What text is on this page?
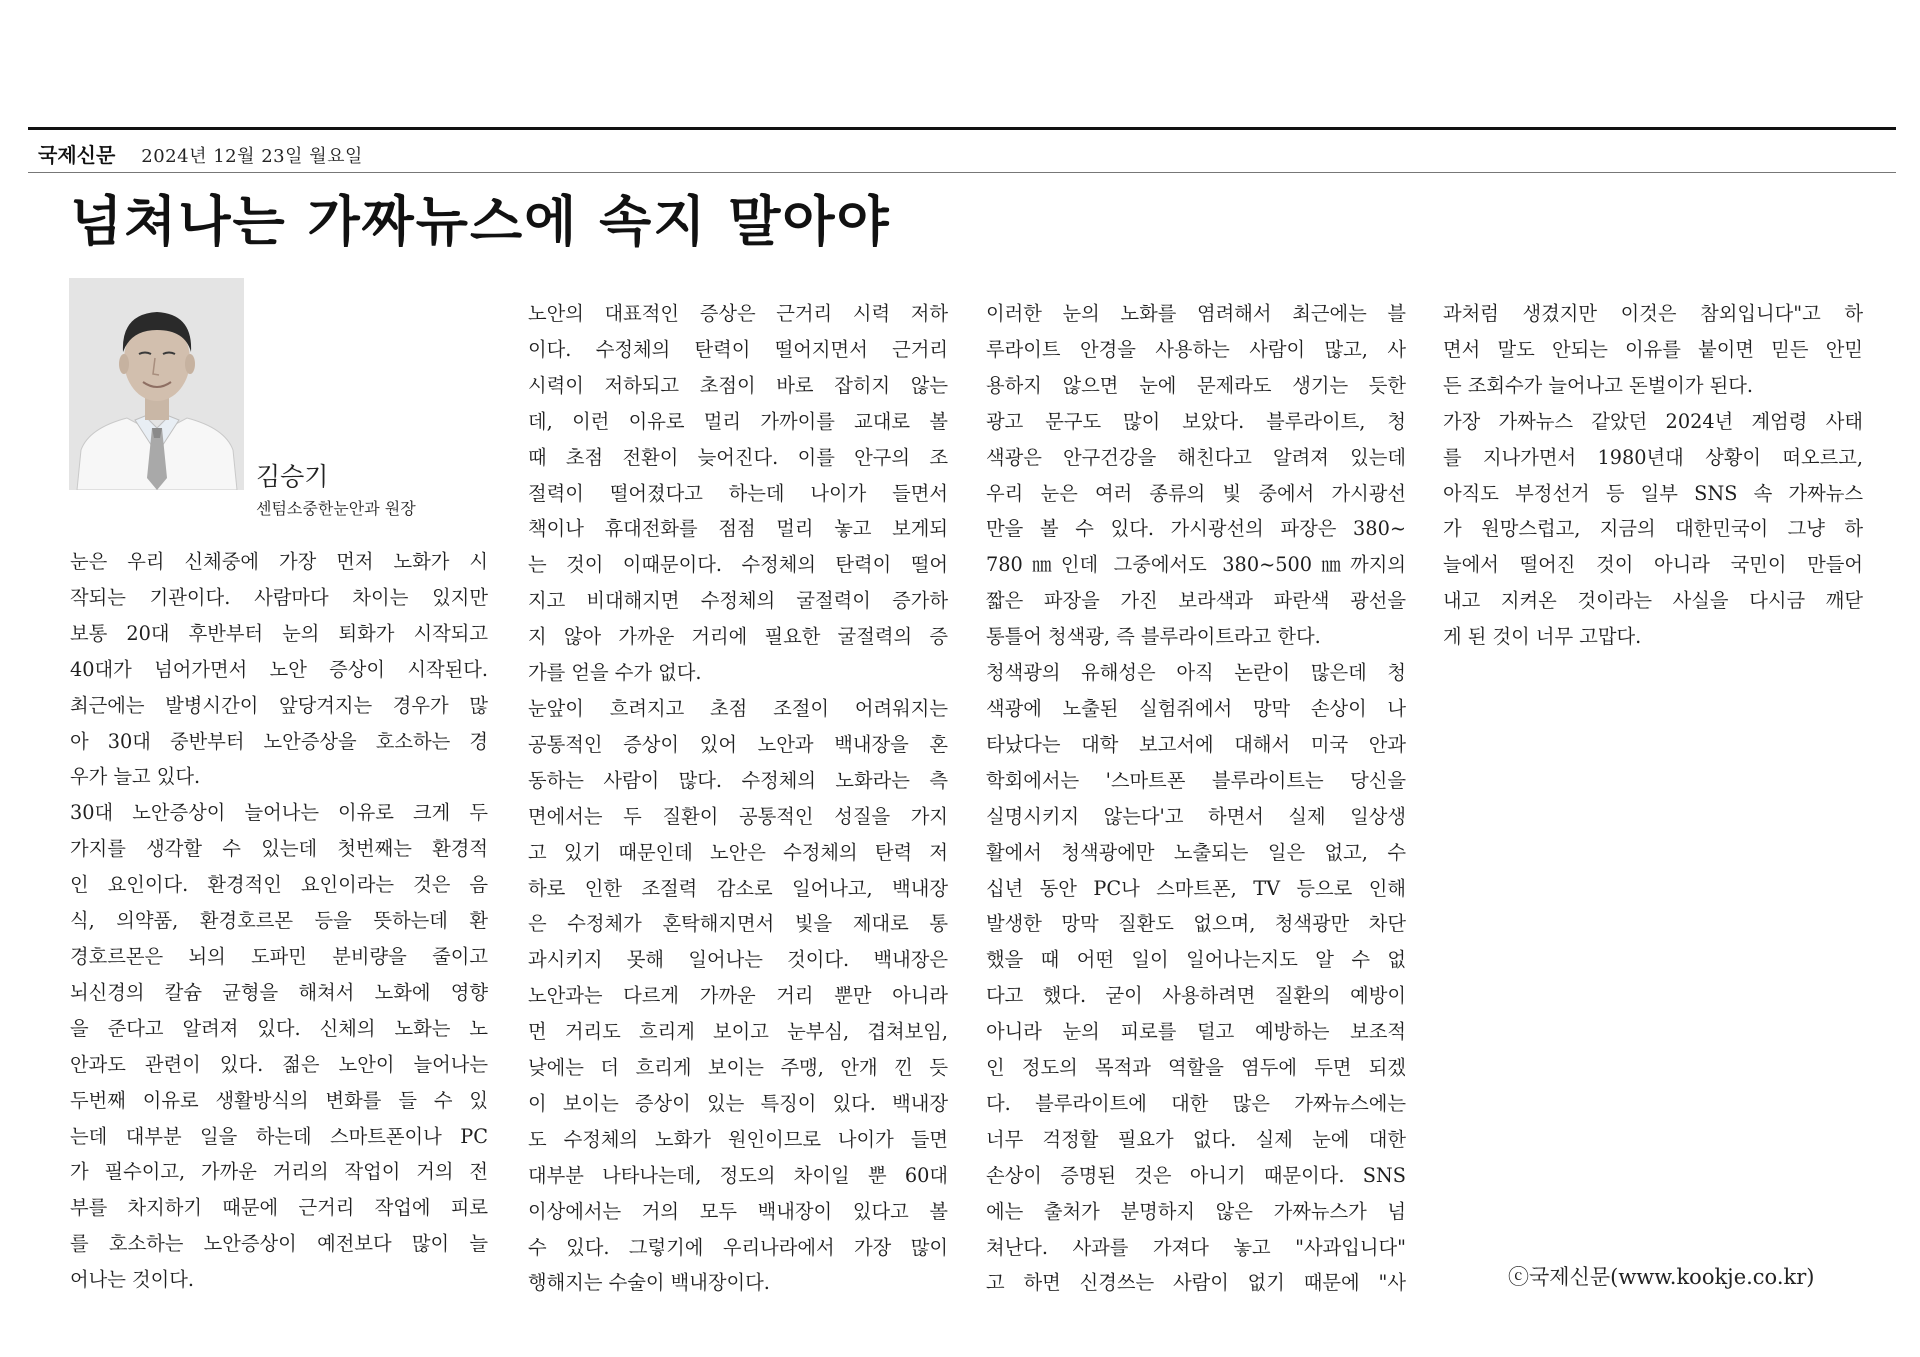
국제신문 2024년 12월 23일 월요일
넘쳐나는 가짜뉴스에 속지 말아야
김승기
센텀소중한눈안과 원장
눈은 우리 신체중에 가장 먼저 노화가 시
작되는 기관이다. 사람마다 차이는 있지만
보통 20대 후반부터 눈의 퇴화가 시작되고
40대가 넘어가면서 노안 증상이 시작된다.
최근에는 발병시간이 앞당겨지는 경우가 많
아 30대 중반부터 노안증상을 호소하는 경
우가 늘고 있다.
30대 노안증상이 늘어나는 이유로 크게 두
가지를 생각할 수 있는데 첫번째는 환경적
인 요인이다. 환경적인 요인이라는 것은 음
식, 의약품, 환경호르몬 등을 뜻하는데 환
경호르몬은 뇌의 도파민 분비량을 줄이고
뇌신경의 칼슘 균형을 해쳐서 노화에 영향
을 준다고 알려져 있다. 신체의 노화는 노
안과도 관련이 있다. 젊은 노안이 늘어나는
두번째 이유로 생활방식의 변화를 들 수 있
는데 대부분 일을 하는데 스마트폰이나 PC
가 필수이고, 가까운 거리의 작업이 거의 전
부를 차지하기 때문에 근거리 작업에 피로
를 호소하는 노안증상이 예전보다 많이 늘
어나는 것이다.
노안의 대표적인 증상은 근거리 시력 저하
이다. 수정체의 탄력이 떨어지면서 근거리
시력이 저하되고 초점이 바로 잡히지 않는
데, 이런 이유로 멀리 가까이를 교대로 볼
때 초점 전환이 늦어진다. 이를 안구의 조
절력이 떨어졌다고 하는데 나이가 들면서
책이나 휴대전화를 점점 멀리 놓고 보게되
는 것이 이때문이다. 수정체의 탄력이 떨어
지고 비대해지면 수정체의 굴절력이 증가하
지 않아 가까운 거리에 필요한 굴절력의 증
가를 얻을 수가 없다.
눈앞이 흐려지고 초점 조절이 어려워지는
공통적인 증상이 있어 노안과 백내장을 혼
동하는 사람이 많다. 수정체의 노화라는 측
면에서는 두 질환이 공통적인 성질을 가지
고 있기 때문인데 노안은 수정체의 탄력 저
하로 인한 조절력 감소로 일어나고, 백내장
은 수정체가 혼탁해지면서 빛을 제대로 통
과시키지 못해 일어나는 것이다. 백내장은
노안과는 다르게 가까운 거리 뿐만 아니라
먼 거리도 흐리게 보이고 눈부심, 겹쳐보임,
낮에는 더 흐리게 보이는 주맹, 안개 낀 듯
이 보이는 증상이 있는 특징이 있다. 백내장
도 수정체의 노화가 원인이므로 나이가 들면
대부분 나타나는데, 정도의 차이일 뿐 60대
이상에서는 거의 모두 백내장이 있다고 볼
수 있다. 그렇기에 우리나라에서 가장 많이
행해지는 수술이 백내장이다.
이러한 눈의 노화를 염려해서 최근에는 블
루라이트 안경을 사용하는 사람이 많고, 사
용하지 않으면 눈에 문제라도 생기는 듯한
광고 문구도 많이 보았다. 블루라이트, 청
색광은 안구건강을 해친다고 알려져 있는데
우리 눈은 여러 종류의 빛 중에서 가시광선
만을 볼 수 있다. 가시광선의 파장은 380~
780㎚인데 그중에서도 380~500㎚까지의
짧은 파장을 가진 보라색과 파란색 광선을
통틀어 청색광, 즉 블루라이트라고 한다.
청색광의 유해성은 아직 논란이 많은데 청
색광에 노출된 실험쥐에서 망막 손상이 나
타났다는 대학 보고서에 대해서 미국 안과
학회에서는 '스마트폰 블루라이트는 당신을
실명시키지 않는다'고 하면서 실제 일상생
활에서 청색광에만 노출되는 일은 없고, 수
십년 동안 PC나 스마트폰, TV 등으로 인해
발생한 망막 질환도 없으며, 청색광만 차단
했을 때 어떤 일이 일어나는지도 알 수 없
다고 했다. 굳이 사용하려면 질환의 예방이
아니라 눈의 피로를 덜고 예방하는 보조적
인 정도의 목적과 역할을 염두에 두면 되겠
다. 블루라이트에 대한 많은 가짜뉴스에는
너무 걱정할 필요가 없다. 실제 눈에 대한
손상이 증명된 것은 아니기 때문이다. SNS
에는 출처가 분명하지 않은 가짜뉴스가 넘
쳐난다. 사과를 가져다 놓고 "사과입니다"
고 하면 신경쓰는 사람이 없기 때문에 "사
과처럼 생겼지만 이것은 참외입니다"고 하
면서 말도 안되는 이유를 붙이면 믿든 안믿
든 조회수가 늘어나고 돈벌이가 된다.
가장 가짜뉴스 같았던 2024년 계엄령 사태
를 지나가면서 1980년대 상황이 떠오르고,
아직도 부정선거 등 일부 SNS 속 가짜뉴스
가 원망스럽고, 지금의 대한민국이 그냥 하
늘에서 떨어진 것이 아니라 국민이 만들어
내고 지켜온 것이라는 사실을 다시금 깨닫
게 된 것이 너무 고맙다.
ⓒ국제신문(www.kookje.co.kr)
